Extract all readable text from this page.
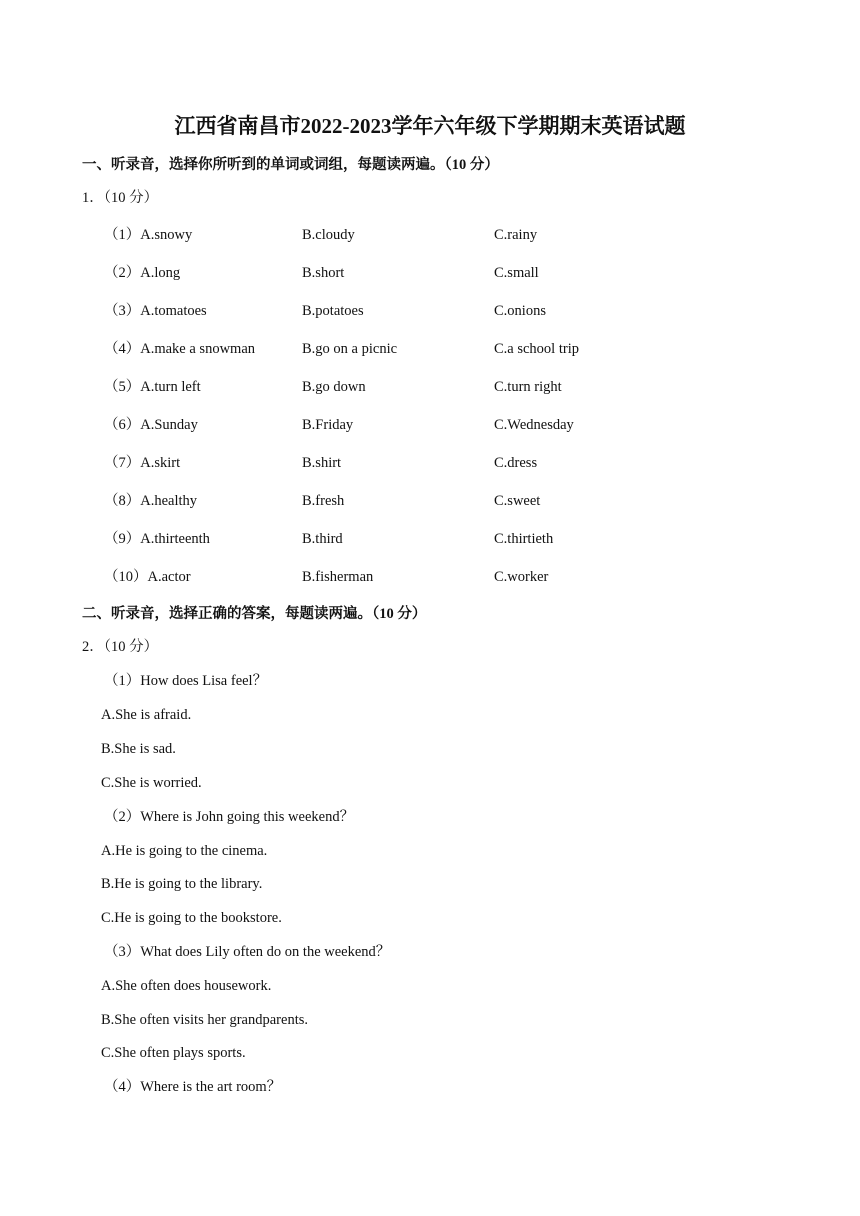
江西省南昌市2022-2023学年六年级下学期期末英语试题
一、听录音，选择你所听到的单词或词组，每题读两遍。（10 分）
1．（10 分）
（1）A.snowy	B.cloudy	C.rainy
（2）A.long	B.short	C.small
（3）A.tomatoes	B.potatoes	C.onions
（4）A.make a snowman	B.go on a picnic	C.a school trip
（5）A.turn left	B.go down	C.turn right
（6）A.Sunday	B.Friday	C.Wednesday
（7）A.skirt	B.shirt	C.dress
（8）A.healthy	B.fresh	C.sweet
（9）A.thirteenth	B.third	C.thirtieth
（10）A.actor	B.fisherman	C.worker
二、听录音，选择正确的答案，每题读两遍。（10 分）
2．（10 分）
（1）How does Lisa feel？
A.She is afraid.
B.She is sad.
C.She is worried.
（2）Where is John going this weekend？
A.He is going to the cinema.
B.He is going to the library.
C.He is going to the bookstore.
（3）What does Lily often do on the weekend？
A.She often does housework.
B.She often visits her grandparents.
C.She often plays sports.
（4）Where is the art room？
